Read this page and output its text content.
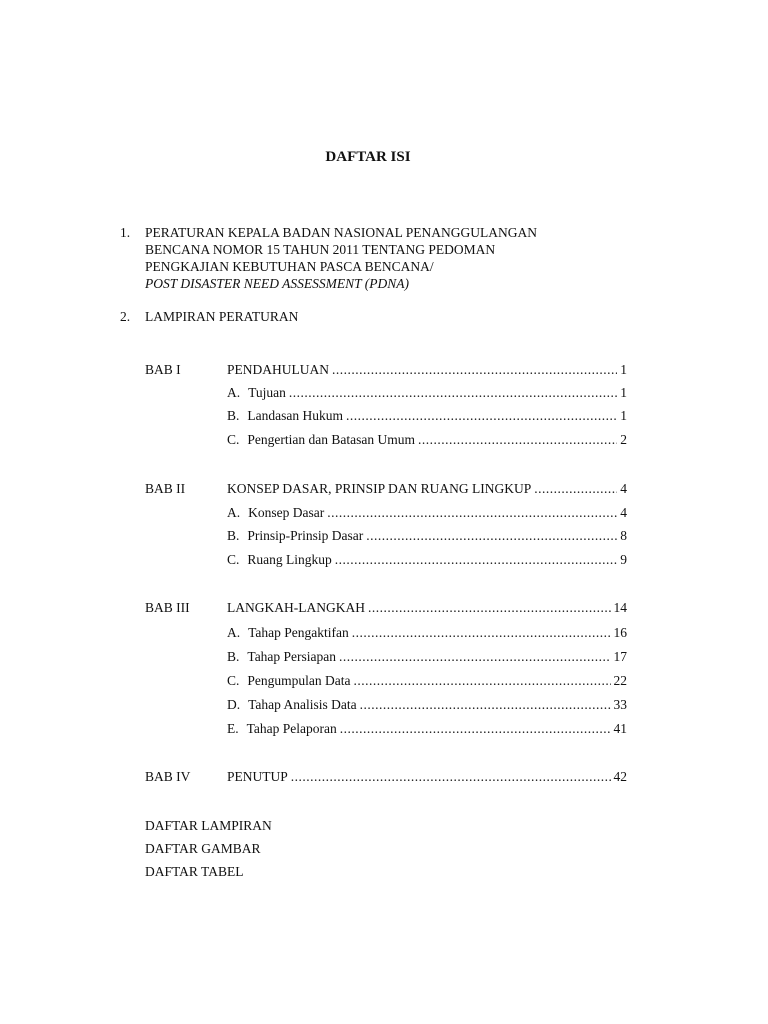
DAFTAR ISI
1. PERATURAN KEPALA BADAN NASIONAL PENANGGULANGAN
BENCANA NOMOR 15 TAHUN 2011 TENTANG PEDOMAN
PENGKAJIAN KEBUTUHAN PASCA BENCANA/
POST DISASTER NEED ASSESSMENT (PDNA)
2. LAMPIRAN PERATURAN
BAB I	PENDAHULUAN .....	1
A. Tujuan .....	1
B. Landasan Hukum .....	1
C. Pengertian dan Batasan Umum .....	2
BAB II	KONSEP DASAR, PRINSIP DAN RUANG LINGKUP .....	4
A. Konsep Dasar .....	4
B. Prinsip-Prinsip Dasar .....	8
C. Ruang Lingkup .....	9
BAB III	LANGKAH-LANGKAH .....	14
A. Tahap Pengaktifan .....	16
B. Tahap Persiapan .....	17
C. Pengumpulan Data .....	22
D. Tahap Analisis Data .....	33
E. Tahap Pelaporan .....	41
BAB IV	PENUTUP .....	42
DAFTAR LAMPIRAN
DAFTAR GAMBAR
DAFTAR TABEL
